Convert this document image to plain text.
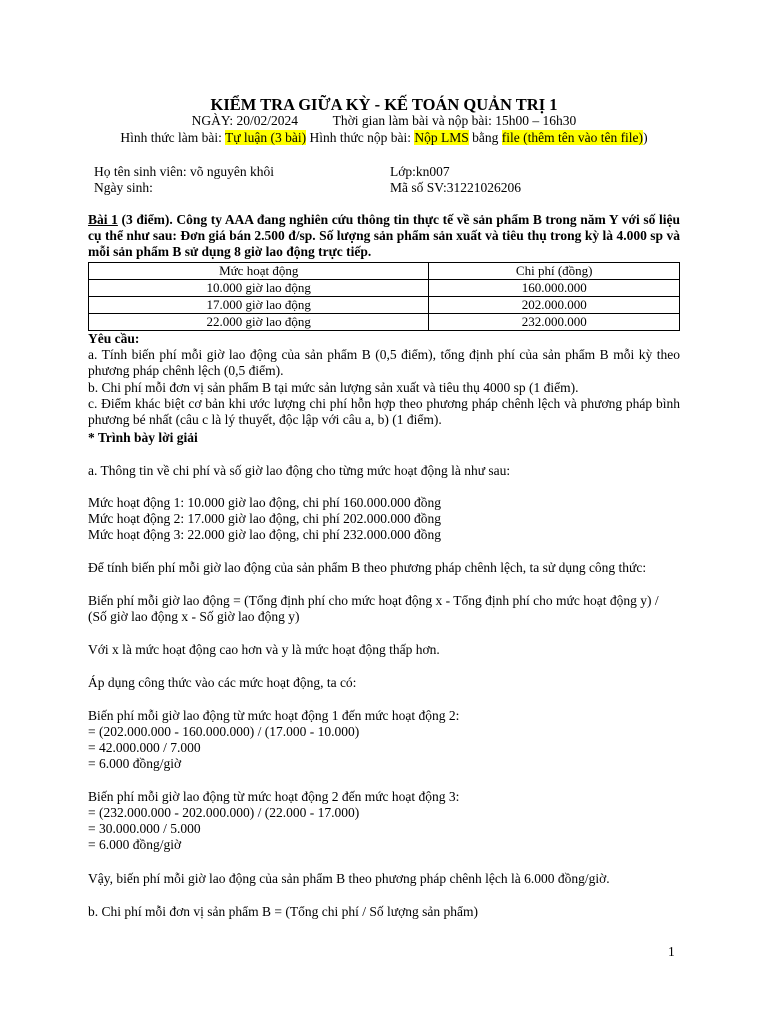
KIỂM TRA GIỮA KỲ - KẾ TOÁN QUẢN TRỊ 1
NGÀY: 20/02/2024	Thời gian làm bài và nộp bài: 15h00 – 16h30
Hình thức làm bài: Tự luận (3 bài) Hình thức nộp bài: Nộp LMS bằng file (thêm tên vào tên file))
Họ tên sinh viên: võ nguyên khôi
Ngày sinh:
Lớp:kn007
Mã số SV:31221026206
Bài 1 (3 điểm). Công ty AAA đang nghiên cứu thông tin thực tế về sản phẩm B trong năm Y với số liệu cụ thể như sau: Đơn giá bán 2.500 đ/sp. Số lượng sản phẩm sản xuất và tiêu thụ trong kỳ là 4.000 sp và mỗi sản phẩm B sử dụng 8 giờ lao động trực tiếp.
Mức hoạt động	Chi phí (đồng)
10.000 giờ lao động	160.000.000
17.000 giờ lao động	202.000.000
22.000 giờ lao động	232.000.000
Yêu cầu:
a. Tính biến phí mỗi giờ lao động của sản phẩm B (0,5 điểm), tổng định phí của sản phẩm B mỗi kỳ theo phương pháp chênh lệch (0,5 điểm).
b. Chi phí mỗi đơn vị sản phẩm B tại mức sản lượng sản xuất và tiêu thụ 4000 sp (1 điểm).
c. Điểm khác biệt cơ bản khi ước lượng chi phí hỗn hợp theo phương pháp chênh lệch và phương pháp bình phương bé nhất (câu c là lý thuyết, độc lập với câu a, b) (1 điểm).
* Trình bày lời giải
a. Thông tin về chi phí và số giờ lao động cho từng mức hoạt động là như sau:
Mức hoạt động 1: 10.000 giờ lao động, chi phí 160.000.000 đồng
Mức hoạt động 2: 17.000 giờ lao động, chi phí 202.000.000 đồng
Mức hoạt động 3: 22.000 giờ lao động, chi phí 232.000.000 đồng
Để tính biến phí mỗi giờ lao động của sản phẩm B theo phương pháp chênh lệch, ta sử dụng công thức:
Biến phí mỗi giờ lao động = (Tổng định phí cho mức hoạt động x - Tổng định phí cho mức hoạt động y) /
(Số giờ lao động x - Số giờ lao động y)
Với x là mức hoạt động cao hơn và y là mức hoạt động thấp hơn.
Áp dụng công thức vào các mức hoạt động, ta có:
Biến phí mỗi giờ lao động từ mức hoạt động 1 đến mức hoạt động 2:
= (202.000.000 - 160.000.000) / (17.000 - 10.000)
= 42.000.000 / 7.000
= 6.000 đồng/giờ
Biến phí mỗi giờ lao động từ mức hoạt động 2 đến mức hoạt động 3:
= (232.000.000 - 202.000.000) / (22.000 - 17.000)
= 30.000.000 / 5.000
= 6.000 đồng/giờ
Vậy, biến phí mỗi giờ lao động của sản phẩm B theo phương pháp chênh lệch là 6.000 đồng/giờ.
b. Chi phí mỗi đơn vị sản phẩm B = (Tổng chi phí / Số lượng sản phẩm)
1
